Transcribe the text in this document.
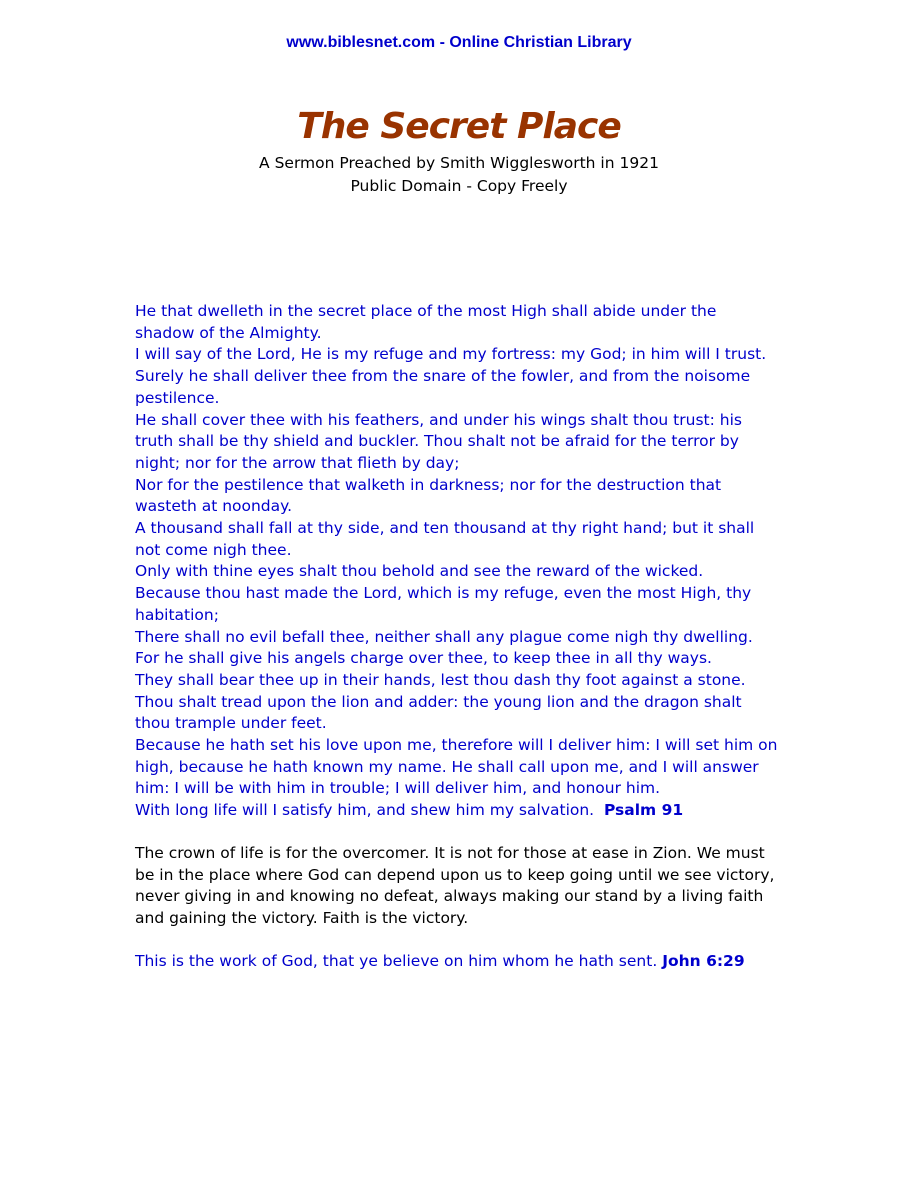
www.biblesnet.com - Online Christian Library
The Secret Place
A Sermon Preached by Smith Wigglesworth in 1921
Public Domain - Copy Freely
He that dwelleth in the secret place of the most High shall abide under the shadow of the Almighty.
I will say of the Lord, He is my refuge and my fortress: my God; in him will I trust.
Surely he shall deliver thee from the snare of the fowler, and from the noisome pestilence.
He shall cover thee with his feathers, and under his wings shalt thou trust: his truth shall be thy shield and buckler. Thou shalt not be afraid for the terror by night; nor for the arrow that flieth by day;
Nor for the pestilence that walketh in darkness; nor for the destruction that wasteth at noonday.
A thousand shall fall at thy side, and ten thousand at thy right hand; but it shall not come nigh thee.
Only with thine eyes shalt thou behold and see the reward of the wicked.
Because thou hast made the Lord, which is my refuge, even the most High, thy habitation;
There shall no evil befall thee, neither shall any plague come nigh thy dwelling.
For he shall give his angels charge over thee, to keep thee in all thy ways.
They shall bear thee up in their hands, lest thou dash thy foot against a stone.
Thou shalt tread upon the lion and adder: the young lion and the dragon shalt thou trample under feet.
Because he hath set his love upon me, therefore will I deliver him: I will set him on high, because he hath known my name. He shall call upon me, and I will answer him: I will be with him in trouble; I will deliver him, and honour him.
With long life will I satisfy him, and shew him my salvation. Psalm 91
The crown of life is for the overcomer. It is not for those at ease in Zion. We must be in the place where God can depend upon us to keep going until we see victory, never giving in and knowing no defeat, always making our stand by a living faith and gaining the victory. Faith is the victory.
This is the work of God, that ye believe on him whom he hath sent. John 6:29
